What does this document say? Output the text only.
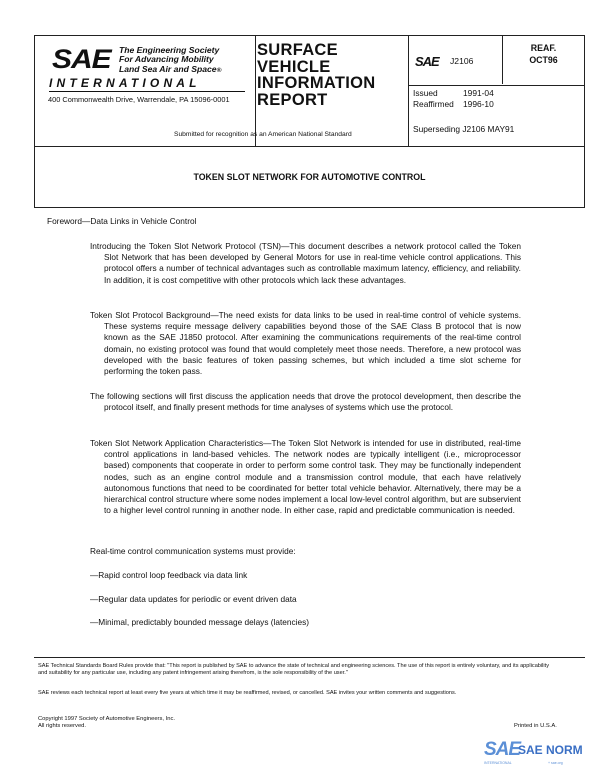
SAE The Engineering Society
For Advancing Mobility
Land Sea Air and Space®
INTERNATIONAL
400 Commonwealth Drive, Warrendale, PA 15096-0001
SURFACE
VEHICLE
INFORMATION
REPORT
Submitted for recognition as an American National Standard
SAE J2106
REAF.
OCT96
Issued	1991-04
Reaffirmed 1996-10
Superseding J2106 MAY91
TOKEN SLOT NETWORK FOR AUTOMOTIVE CONTROL
Foreword—Data Links in Vehicle Control
Introducing the Token Slot Network Protocol (TSN)—This document describes a network protocol called the Token Slot Network that has been developed by General Motors for use in real-time vehicle control applications. This protocol offers a number of technical advantages such as controllable maximum latency, efficiency, and reliability. In addition, it is cost competitive with other protocols which lack these advantages.
Token Slot Protocol Background—The need exists for data links to be used in real-time control of vehicle systems. These systems require message delivery capabilities beyond those of the SAE Class B protocol that is now known as the SAE J1850 protocol. After examining the communications requirements of the real-time control domain, no existing protocol was found that would completely meet those needs. Therefore, a new protocol was developed with the basic features of token passing schemes, but which included a time slot scheme for performing the token pass.
The following sections will first discuss the application needs that drove the protocol development, then describe the protocol itself, and finally present methods for time analyses of systems which use the protocol.
Token Slot Network Application Characteristics—The Token Slot Network is intended for use in distributed, real-time control applications in land-based vehicles. The network nodes are typically intelligent (i.e., microprocessor based) components that cooperate in order to perform some control task. They may be functionally independent nodes, such as an engine control module and a transmission control module, that each have relatively autonomous functions that need to be coordinated for better total vehicle behavior. Alternatively, there may be a hierarchical control structure where some nodes implement a local low-level control algorithm, but are subservient to a higher level control running in another node. In either case, rapid and predictable communication is needed.
Real-time control communication systems must provide:
—Rapid control loop feedback via data link
—Regular data updates for periodic or event driven data
—Minimal, predictably bounded message delays (latencies)
SAE Technical Standards Board Rules provide that: "This report is published by SAE to advance the state of technical and engineering sciences. The use of this report is entirely voluntary, and its applicability and suitability for any particular use, including any patent infringement arising therefrom, is the sole responsibility of the user."
SAE reviews each technical report at least every five years at which time it may be reaffirmed, revised, or cancelled. SAE invites your written comments and suggestions.
Copyright 1997 Society of Automotive Engineers, Inc.
All rights reserved.	Printed in U.S.A.
SAE
SAE NORM
INTERNATIONAL	+ sae.org
